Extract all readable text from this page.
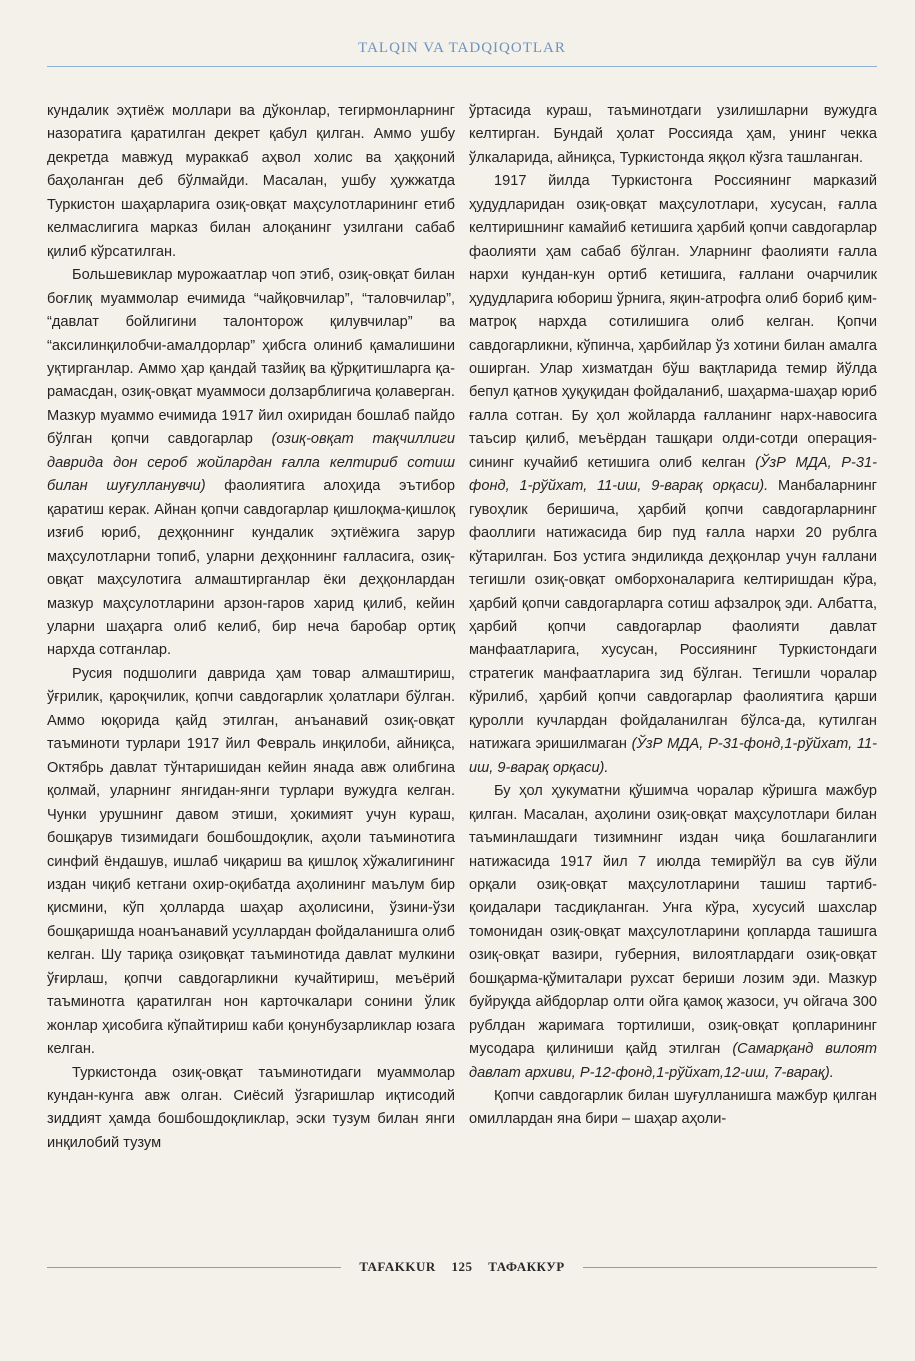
TALQIN VA TADQIQOTLAR

кундалик эҳтиёж моллари ва дўконлар, тегирмонларнинг назоратига қаратилган декрет қабул қилган. Аммо ушбу декретда мавжуд мураккаб аҳвол холис ва ҳаққоний баҳоланган деб бўлмайди. Масалан, ушбу ҳужжатда Туркистон шаҳарларига озиқ-овқат маҳсулотларининг етиб келмаслигига марказ билан алоқанинг узилгани сабаб қилиб кўрсатилган.

Большевиклар мурожаатлар чоп этиб, озиқ-овқат билан боғлиқ муаммолар ечимида “чайқовчилар”, “таловчилар”, “давлат бойлигини талонторож қилувчилар” ва “аксилинқилобчи-амалдорлар” ҳибсга олиниб қамалишини уқтирганлар. Аммо ҳар қандай тазйиқ ва қўрқитишларга қарамасдан, озиқ-овқат муаммоси долзарблигича қолаверган. Мазкур муаммо ечимида 1917 йил охиридан бошлаб пайдо бўлган қопчи савдогарлар (озиқ-овқат тақчиллиги даврида дон сероб жойлардан ғалла келтириб сотиш билан шуғулланувчи) фаолиятига алоҳида эътибор қаратиш керак. Айнан қопчи савдогарлар қишлоқма-қишлоқ изғиб юриб, деҳқоннинг кундалик эҳтиёжига зарур маҳсулотларни топиб, уларни деҳқоннинг ғалласига, озиқ-овқат маҳсулотига алмаштирганлар ёки деҳқонлардан мазкур маҳсулотларини арзон-гаров харид қилиб, кейин уларни шаҳарга олиб келиб, бир неча баробар ортиқ нархда сотганлар.

Русия подшолиги даврида ҳам товар алмаштириш, ўғрилик, қароқчилик, қопчи савдогарлик ҳолатлари бўлган. Аммо юқорида қайд этилган, анъанавий озиқ-овқат таъминоти турлари 1917 йил Февраль инқилоби, айниқса, Октябрь давлат тўнтаришидан кейин янада авж олибгина қолмай, уларнинг янгидан-янги турлари вужудга келган. Чунки урушнинг давом этиши, ҳокимият учун кураш, бошқарув тизимидаги бошбошдоқлик, аҳоли таъминотига синфий ёндашув, ишлаб чиқариш ва қишлоқ хўжалигининг издан чиқиб кетгани охир-оқибатда аҳолининг маълум бир қисмини, кўп ҳолларда шаҳар аҳолисини, ўзини-ўзи бошқаришда ноанъанавий усуллардан фойдаланишга олиб келган. Шу тариқа озиқовқат таъминотида давлат мулкини ўғирлаш, қопчи савдогарликни кучайтириш, меъёрий таъминотга қаратилган нон карточкалари сонини ўлик жонлар ҳисобига кўпайтириш каби қонунбузарликлар юзага келган.

Туркистонда озиқ-овқат таъминотидаги муаммолар кундан-кунга авж олган. Сиёсий ўзгаришлар иқтисодий зиддият ҳамда бошбошдоқликлар, эски тузум билан янги инқилобий тузум

ўртасида кураш, таъминотдаги узилишларни вужудга келтирган. Бундай ҳолат Россияда ҳам, унинг чекка ўлкаларида, айниқса, Туркистонда яққол кўзга ташланган.

1917 йилда Туркистонга Россиянинг марказий ҳудудларидан озиқ-овқат маҳсулотлари, хусусан, ғалла келтиришнинг камайиб кетишига ҳарбий қопчи савдогарлар фаолияти ҳам сабаб бўлган. Уларнинг фаолияти ғалла нархи кундан-кун ортиб кетишига, ғаллани очарчилик ҳудудларига юбориш ўрнига, яқин-атрофга олиб бориб қимматроқ нархда сотилишига олиб келган. Қопчи савдогарликни, кўпинча, ҳарбийлар ўз хотини билан амалга оширган. Улар хизматдан бўш вақтларида темир йўлда бепул қатнов ҳуқуқидан фойдаланиб, шаҳарма-шаҳар юриб ғалла сотган. Бу ҳол жойларда ғалланинг нарх-навосига таъсир қилиб, меъёрдан ташқари олди-сотди операциясининг кучайиб кетишига олиб келган (ЎзР МДА, Р-31-фонд, 1-рўйхат, 11-иш, 9-варақ орқаси). Манбаларнинг гувоҳлик беришича, ҳарбий қопчи савдогарларнинг фаоллиги натижасида бир пуд ғалла нархи 20 рублга кўтарилган. Боз устига эндиликда деҳқонлар учун ғаллани тегишли озиқ-овқат омборхоналарига келтиришдан кўра, ҳарбий қопчи савдогарларга сотиш афзалроқ эди. Албатта, ҳарбий қопчи савдогарлар фаолияти давлат манфаатларига, хусусан, Россиянинг Туркистондаги стратегик манфаатларига зид бўлган. Тегишли чоралар кўрилиб, ҳарбий қопчи савдогарлар фаолиятига қарши қуролли кучлардан фойдаланилган бўлса-да, кутилган натижага эришилмаган (ЎзР МДА, Р-31-фонд,1-рўйхат, 11-иш, 9-варақ орқаси).

Бу ҳол ҳукуматни қўшимча чоралар кўришга мажбур қилган. Масалан, аҳолини озиқ-овқат маҳсулотлари билан таъминлашдаги тизимнинг издан чиқа бошлаганлиги натижасида 1917 йил 7 июлда темирйўл ва сув йўли орқали озиқ-овқат маҳсулотларини ташиш тартиб-қоидалари тасдиқланган. Унга кўра, хусусий шахслар томонидан озиқ-овқат маҳсулотларини қопларда ташишга озиқ-овқат вазири, губерния, вилоятлардаги озиқ-овқат бошқарма-қўмиталари рухсат бериши лозим эди. Мазкур буйруқда айбдорлар олти ойга қамоқ жазоси, уч ойгача 300 рублдан жаримага тортилиши, озиқ-овқат қопларининг мусодара қилиниши қайд этилган (Самарқанд вилоят давлат архиви, Р-12-фонд,1-рўйхат,12-иш, 7-варақ).

Қопчи савдогарлик билан шуғулланишга мажбур қилган омиллардан яна бири – шаҳар аҳоли-

TAFAKKUR 125 ТАФАККУР
